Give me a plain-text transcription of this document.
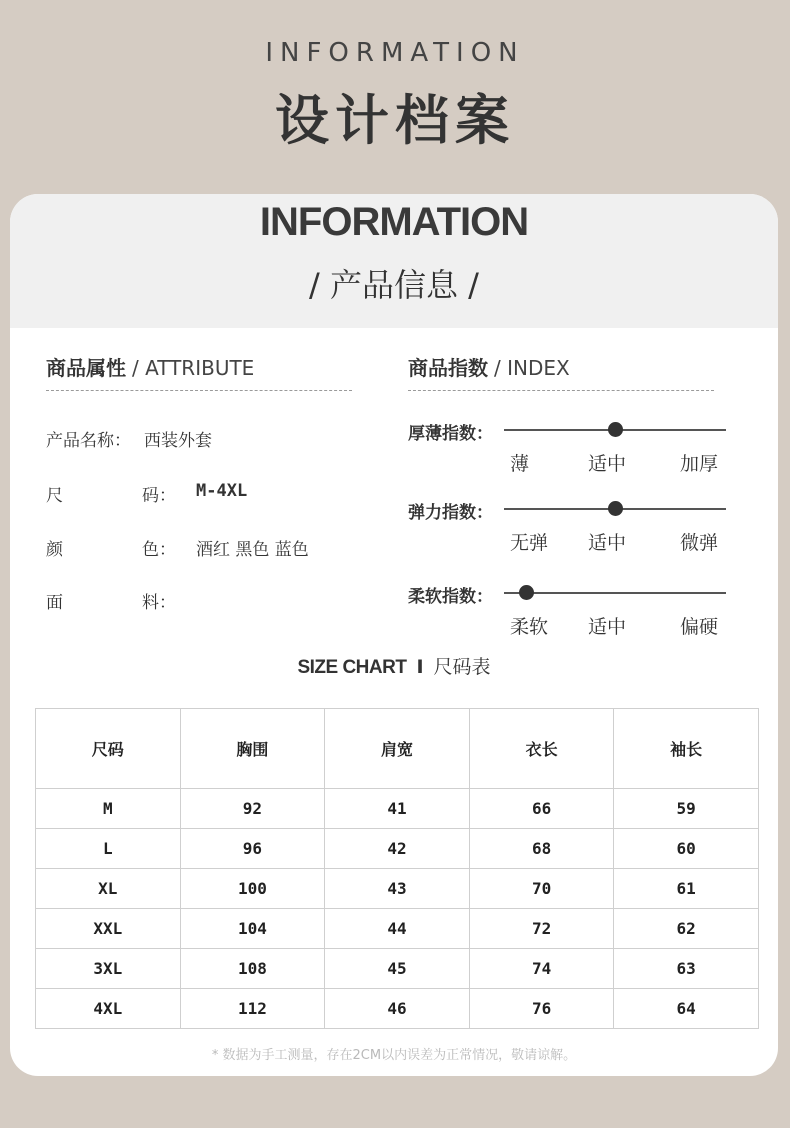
INFORMATION
设计档案
INFORMATION
/ 产品信息 /
商品属性 / ATTRIBUTE
产品名称： 西装外套
尺	码： M-4XL
颜	色： 酒红 黑色 蓝色
面	料：
商品指数 / INDEX
厚薄指数：
薄	适中	加厚
弹力指数：
无弹 适中	微弹
柔软指数：
柔软 适中	偏硬
SIZE CHART I 尺码表
尺码	胸围	肩宽	衣长	袖长
M	92	41	66	59
L	96	42	68	60
XL	100	43	70	61
XXL	104	44	72	62
3XL	108	45	74	63
4XL	112	46	76	64
* 数据为手工测量，存在2CM以内误差为正常情况，敬请谅解。
